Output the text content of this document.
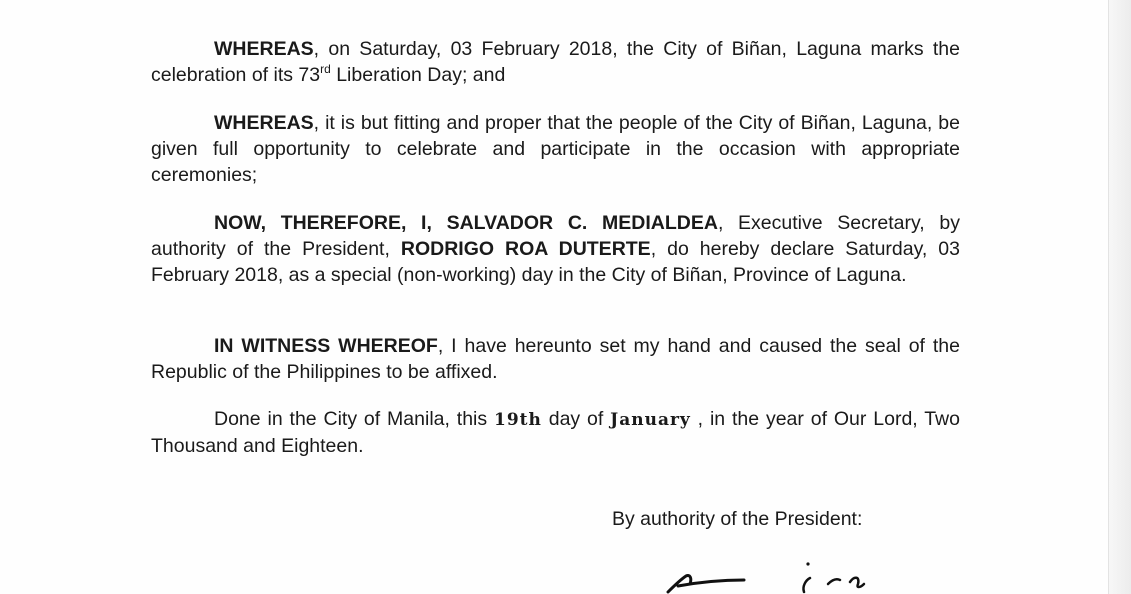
WHEREAS, on Saturday, 03 February 2018, the City of Biñan, Laguna marks the celebration of its 73rd Liberation Day; and

WHEREAS, it is but fitting and proper that the people of the City of Biñan, Laguna, be given full opportunity to celebrate and participate in the occasion with appropriate ceremonies;

NOW, THEREFORE, I, SALVADOR C. MEDIALDEA, Executive Secretary, by authority of the President, RODRIGO ROA DUTERTE, do hereby declare Saturday, 03 February 2018, as a special (non-working) day in the City of Biñan, Province of Laguna.

IN WITNESS WHEREOF, I have hereunto set my hand and caused the seal of the Republic of the Philippines to be affixed.

Done in the City of Manila, this 19th day of January , in the year of Our Lord, Two Thousand and Eighteen.

By authority of the President:
